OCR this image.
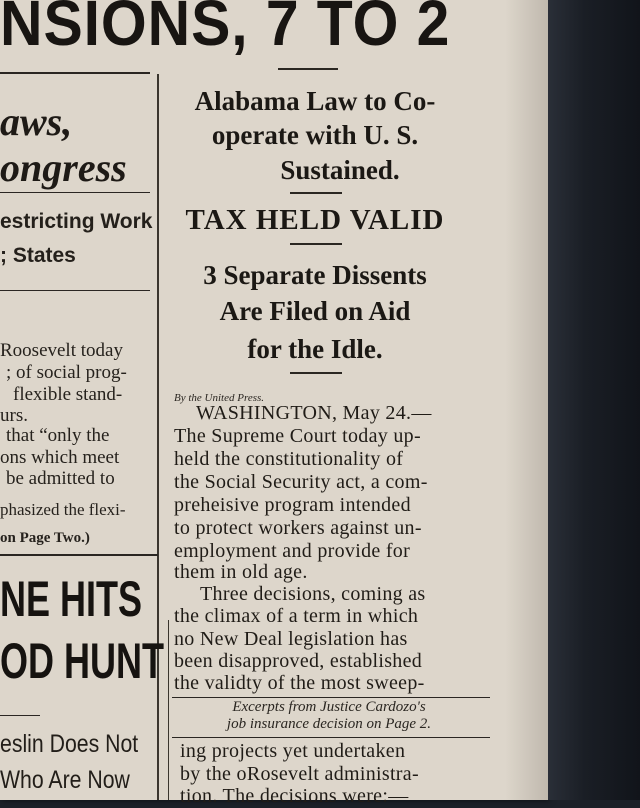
NSIONS, 7 TO 2
aws,
ongress
estricting Work
; States
Roosevelt today
; of social prog-
flexible stand-
urs.
that “only the
ons which meet
be admitted to
phasized the flexi-
on Page Two.)
NE HITS
OD HUNT
eslin Does Not
Who Are Now
Alabama Law to Co-
operate with U. S.
Sustained.
TAX HELD VALID
3 Separate Dissents
Are Filed on Aid
for the Idle.
By the United Press.
WASHINGTON, May 24.—
The Supreme Court today up-
held the constitutionality of
the Social Security act, a com-
preheisive program intended
to protect workers against un-
employment and provide for
them in old age.
Three decisions, coming as
the climax of a term in which
no New Deal legislation has
been disapproved, established
the validty of the most sweep-
Excerpts from Justice Cardozo's
job insurance decision on Page 2.
ing projects yet undertaken
by the oRosevelt administra-
tion. The decisions were:—
